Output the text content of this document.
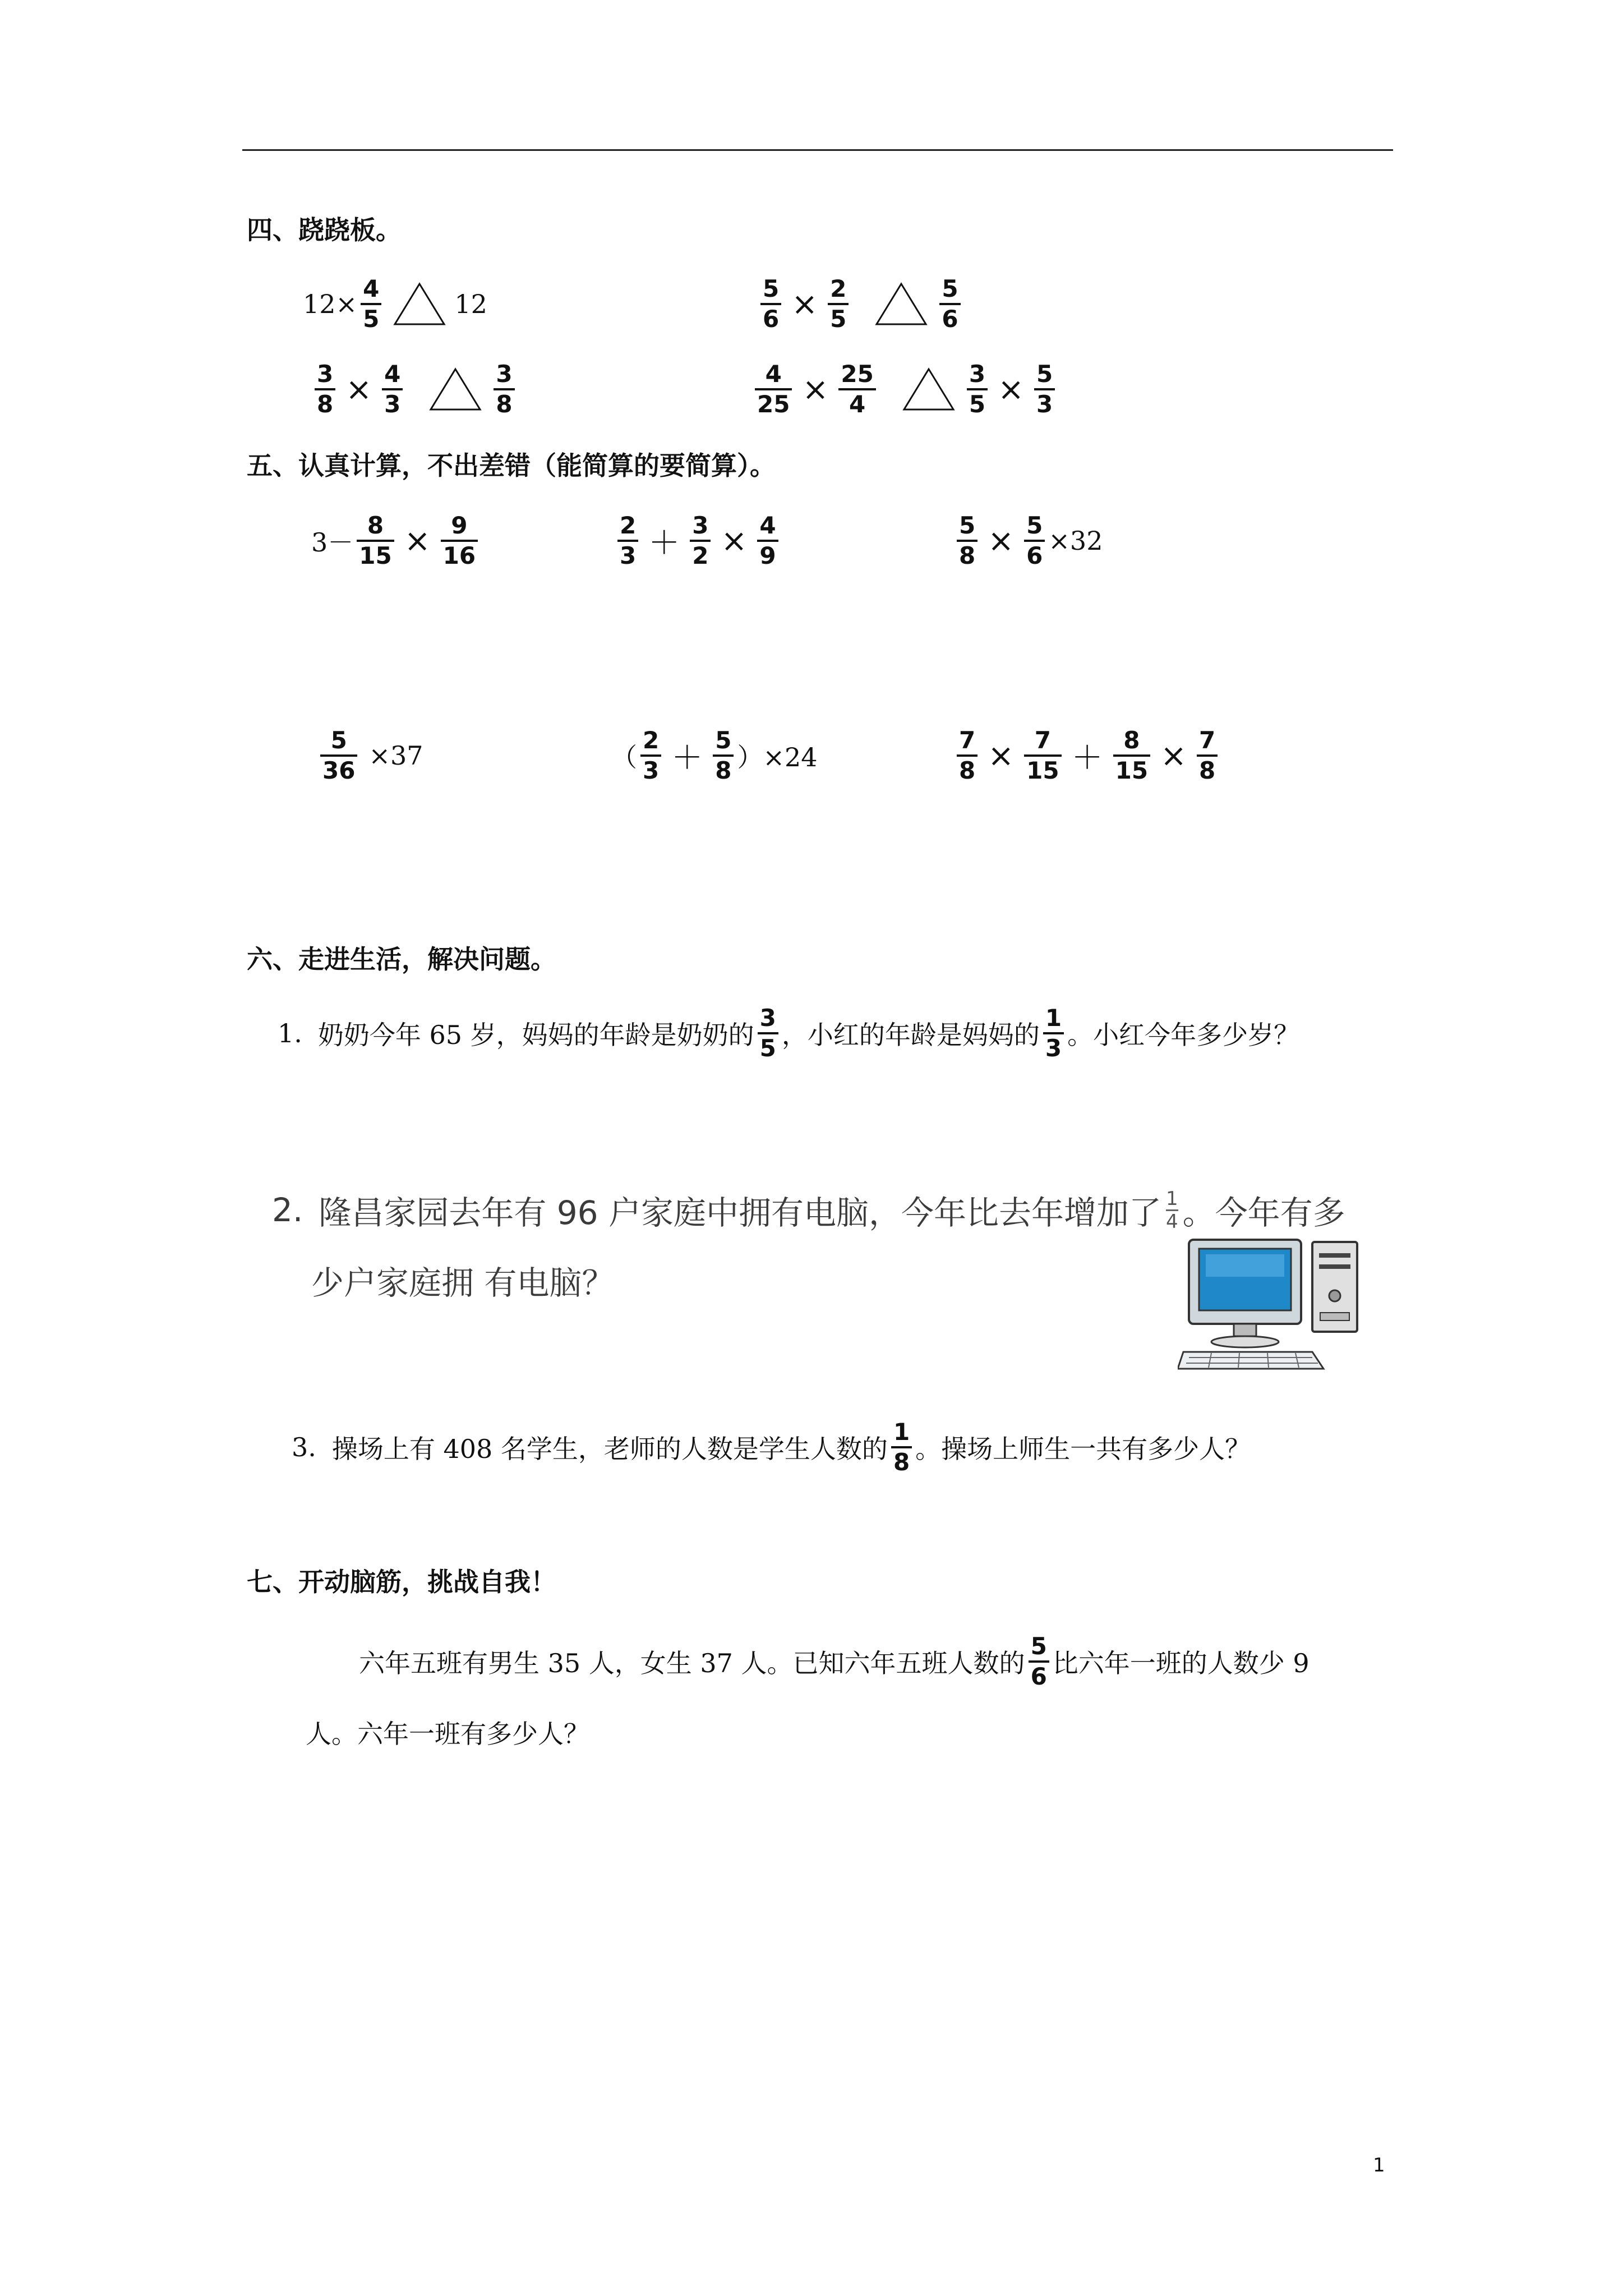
四、跷跷板。
$12\times \frac{4}{5}$	12	$\frac{5}{6} \times \frac{2}{5}$	$\frac{5}{6}$
$\frac{3}{8} \times \frac{4}{3}$	$\frac{3}{8}$	$\frac{4}{25} \times \frac{25}{4}$	$\frac{3}{5} \times \frac{5}{3}$
五、认真计算，不出差错（能简算的要简算）。
$3- \frac{8}{15} \times \frac{9}{16}$	$\frac{2}{3} + \frac{3}{2} \times \frac{4}{9}$	$\frac{5}{8} \times \frac{5}{6} \times 32$
$\frac{5}{36} \times 37$	（ $\frac{2}{3} + \frac{5}{8} )\times 24$	$\frac{7}{8} \times \frac{7}{15} + \frac{8}{15} \times \frac{7}{8}$
六、走进生活，解决问题。
1. 奶奶今年 65 岁，妈妈的年龄是奶奶的 $\frac{3}{5}$ ，小红的年龄是妈妈的 $\frac{1}{3}$ 。小红今年多少岁？
2. 隆昌家园去年有 96 户家庭中拥有电脑，今年比去年增加了 $\frac{1}{4}$ 。今年有多
少户家庭拥 有电脑？
3. 操场上有 408 名学生，老师的人数是学生人数的 $\frac{1}{8}$ 。操场上师生一共有多少人？
七、开动脑筋，挑战自我！
六年五班有男生 35 人，女生 37 人。已知六年五班人数的 $\frac{5}{6}$ 比六年一班的人数少 9
人。六年一班有多少人？
1
